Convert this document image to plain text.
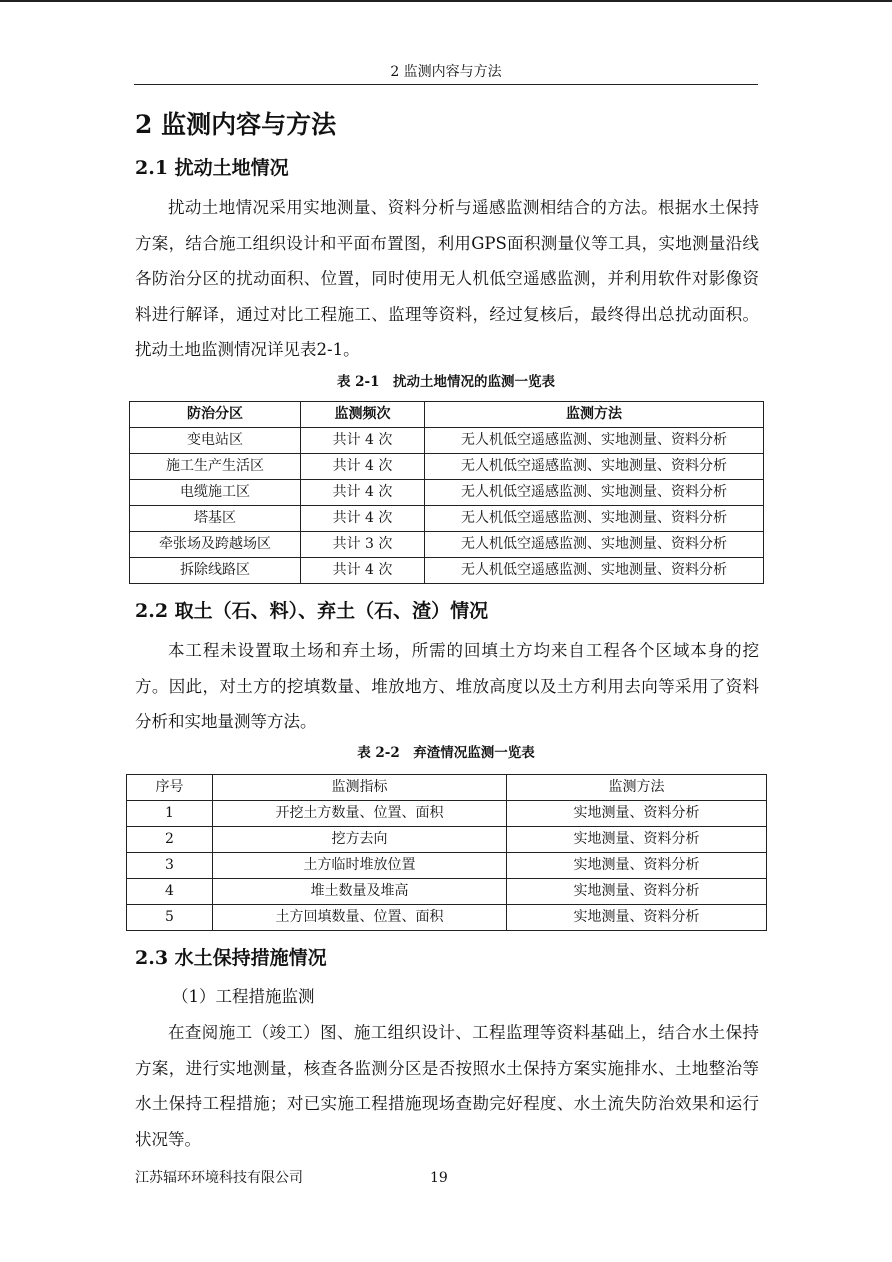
2 监测内容与方法
2 监测内容与方法
2.1 扰动土地情况

扰动土地情况采用实地测量、资料分析与遥感监测相结合的方法。根据水土保持方案，结合施工组织设计和平面布置图，利用GPS面积测量仪等工具，实地测量沿线各防治分区的扰动面积、位置，同时使用无人机低空遥感监测，并利用软件对影像资料进行解译，通过对比工程施工、监理等资料，经过复核后，最终得出总扰动面积。扰动土地监测情况详见表2-1。

表 2-1　扰动土地情况的监测一览表
防治分区	监测频次	监测方法
变电站区	共计 4 次	无人机低空遥感监测、实地测量、资料分析
施工生产生活区	共计 4 次	无人机低空遥感监测、实地测量、资料分析
电缆施工区	共计 4 次	无人机低空遥感监测、实地测量、资料分析
塔基区	共计 4 次	无人机低空遥感监测、实地测量、资料分析
牵张场及跨越场区	共计 3 次	无人机低空遥感监测、实地测量、资料分析
拆除线路区	共计 4 次	无人机低空遥感监测、实地测量、资料分析
2.2 取土（石、料）、弃土（石、渣）情况

本工程未设置取土场和弃土场，所需的回填土方均来自工程各个区域本身的挖方。因此，对土方的挖填数量、堆放地方、堆放高度以及土方利用去向等采用了资料分析和实地量测等方法。

表 2-2　弃渣情况监测一览表
序号	监测指标	监测方法
1	开挖土方数量、位置、面积	实地测量、资料分析
2	挖方去向	实地测量、资料分析
3	土方临时堆放位置	实地测量、资料分析
4	堆土数量及堆高	实地测量、资料分析
5	土方回填数量、位置、面积	实地测量、资料分析
2.3 水土保持措施情况
（1）工程措施监测

在查阅施工（竣工）图、施工组织设计、工程监理等资料基础上，结合水土保持方案，进行实地测量，核查各监测分区是否按照水土保持方案实施排水、土地整治等水土保持工程措施；对已实施工程措施现场查勘完好程度、水土流失防治效果和运行状况等。

江苏辐环环境科技有限公司	19
